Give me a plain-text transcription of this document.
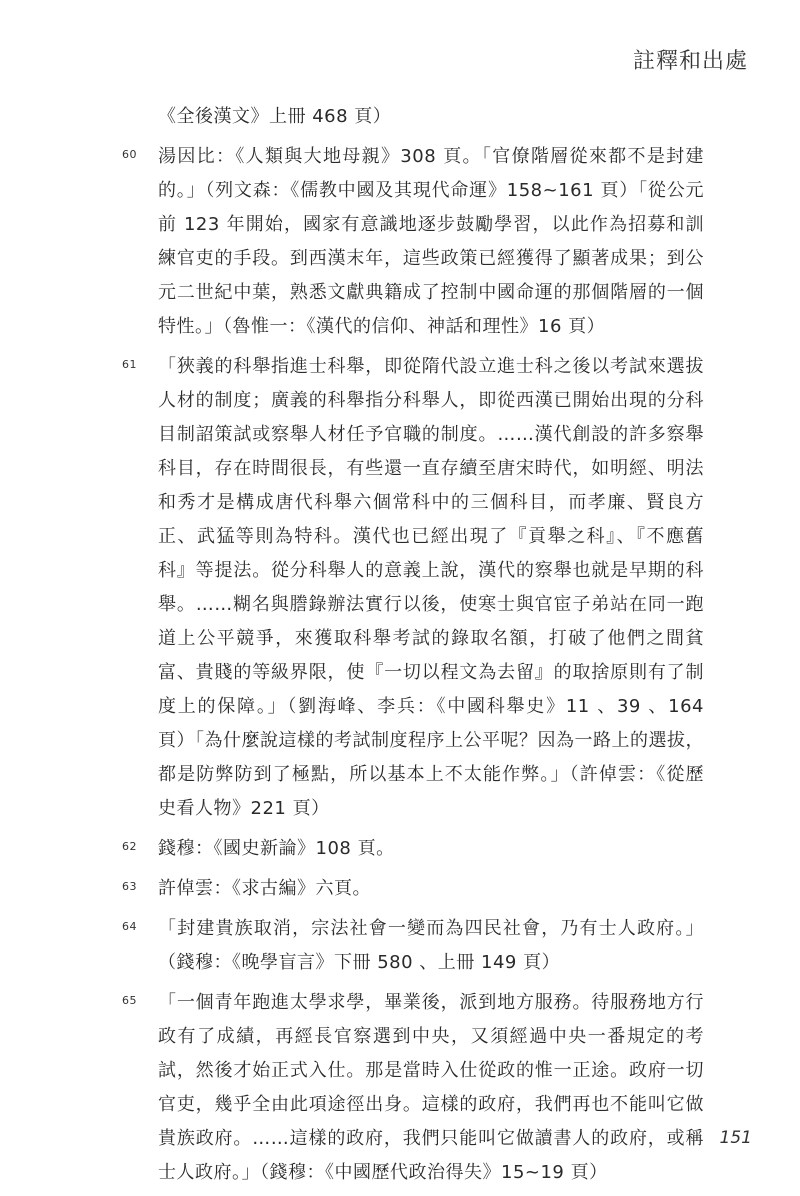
註釋和出處
《全後漢文》上冊 468 頁）
60 湯因比：《人類與大地母親》308 頁。「官僚階層從來都不是封建的。」（列文森：《儒教中國及其現代命運》158~161 頁）「從公元前 123 年開始，國家有意識地逐步鼓勵學習，以此作為招募和訓練官吏的手段。到西漢末年，這些政策已經獲得了顯著成果；到公元二世紀中葉，熟悉文獻典籍成了控制中國命運的那個階層的一個特性。」（魯惟一：《漢代的信仰、神話和理性》16 頁）
61 「狹義的科舉指進士科舉，即從隋代設立進士科之後以考試來選拔人材的制度；廣義的科舉指分科舉人，即從西漢已開始出現的分科目制詔策試或察舉人材任予官職的制度。……漢代創設的許多察舉科目，存在時間很長，有些還一直存續至唐宋時代，如明經、明法和秀才是構成唐代科舉六個常科中的三個科目，而孝廉、賢良方正、武猛等則為特科。漢代也已經出現了『貢舉之科』、『不應舊科』等提法。從分科舉人的意義上說，漢代的察舉也就是早期的科舉。……糊名與謄錄辦法實行以後，使寒士與官宦子弟站在同一跑道上公平競爭，來獲取科舉考試的錄取名額，打破了他們之間貧富、貴賤的等級界限，使『一切以程文為去留』的取捨原則有了制度上的保障。」（劉海峰、李兵：《中國科舉史》11 、39 、164 頁）「為什麼說這樣的考試制度程序上公平呢？因為一路上的選拔，都是防弊防到了極點，所以基本上不太能作弊。」（許倬雲：《從歷史看人物》221 頁）
62 錢穆：《國史新論》108 頁。
63 許倬雲：《求古編》六頁。
64 「封建貴族取消，宗法社會一變而為四民社會，乃有士人政府。」（錢穆：《晚學盲言》下冊 580 、上冊 149 頁）
65 「一個青年跑進太學求學，畢業後，派到地方服務。待服務地方行政有了成績，再經長官察選到中央，又須經過中央一番規定的考試，然後才始正式入仕。那是當時入仕從政的惟一正途。政府一切官吏，幾乎全由此項途徑出身。這樣的政府，我們再也不能叫它做貴族政府。……這樣的政府，我們只能叫它做讀書人的政府，或稱士人政府。」（錢穆：《中國歷代政治得失》15~19 頁）
151
